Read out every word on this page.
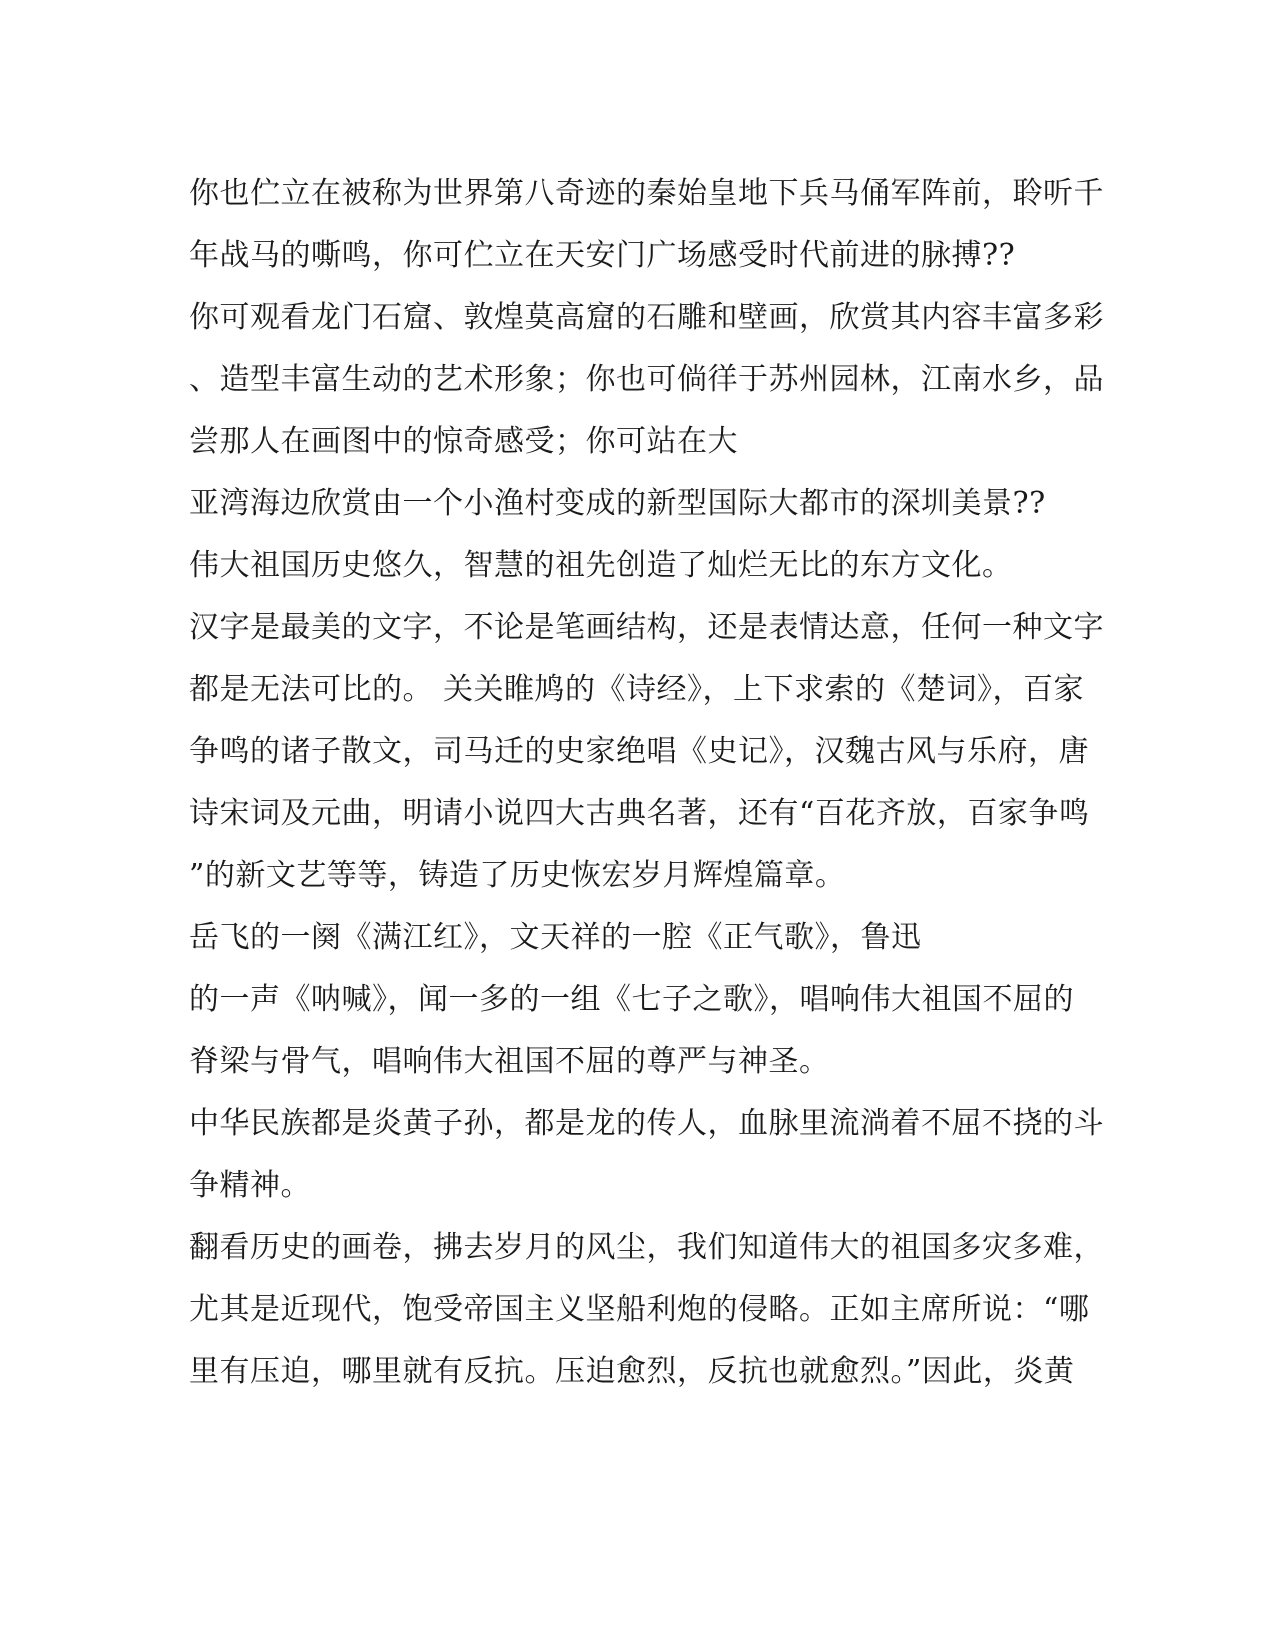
你也伫立在被称为世界第八奇迹的秦始皇地下兵马俑军阵前，聆听千
年战马的嘶鸣，你可伫立在天安门广场感受时代前进的脉搏??
你可观看龙门石窟、敦煌莫高窟的石雕和壁画，欣赏其内容丰富多彩
、造型丰富生动的艺术形象；你也可倘徉于苏州园林，江南水乡，品
尝那人在画图中的惊奇感受；你可站在大
亚湾海边欣赏由一个小渔村变成的新型国际大都市的深圳美景??
伟大祖国历史悠久，智慧的祖先创造了灿烂无比的东方文化。
汉字是最美的文字，不论是笔画结构，还是表情达意，任何一种文字
都是无法可比的。 关关睢鸠的《诗经》，上下求索的《楚词》，百家
争鸣的诸子散文，司马迁的史家绝唱《史记》，汉魏古风与乐府，唐
诗宋词及元曲，明请小说四大古典名著，还有“百花齐放，百家争鸣
”的新文艺等等，铸造了历史恢宏岁月辉煌篇章。
岳飞的一阕《满江红》，文天祥的一腔《正气歌》，鲁迅
的一声《呐喊》，闻一多的一组《七子之歌》，唱响伟大祖国不屈的
脊梁与骨气，唱响伟大祖国不屈的尊严与神圣。
中华民族都是炎黄子孙，都是龙的传人，血脉里流淌着不屈不挠的斗
争精神。
翻看历史的画卷，拂去岁月的风尘，我们知道伟大的祖国多灾多难，
尤其是近现代，饱受帝国主义坚船利炮的侵略。正如主席所说：“哪
里有压迫，哪里就有反抗。压迫愈烈，反抗也就愈烈。”因此，炎黄
